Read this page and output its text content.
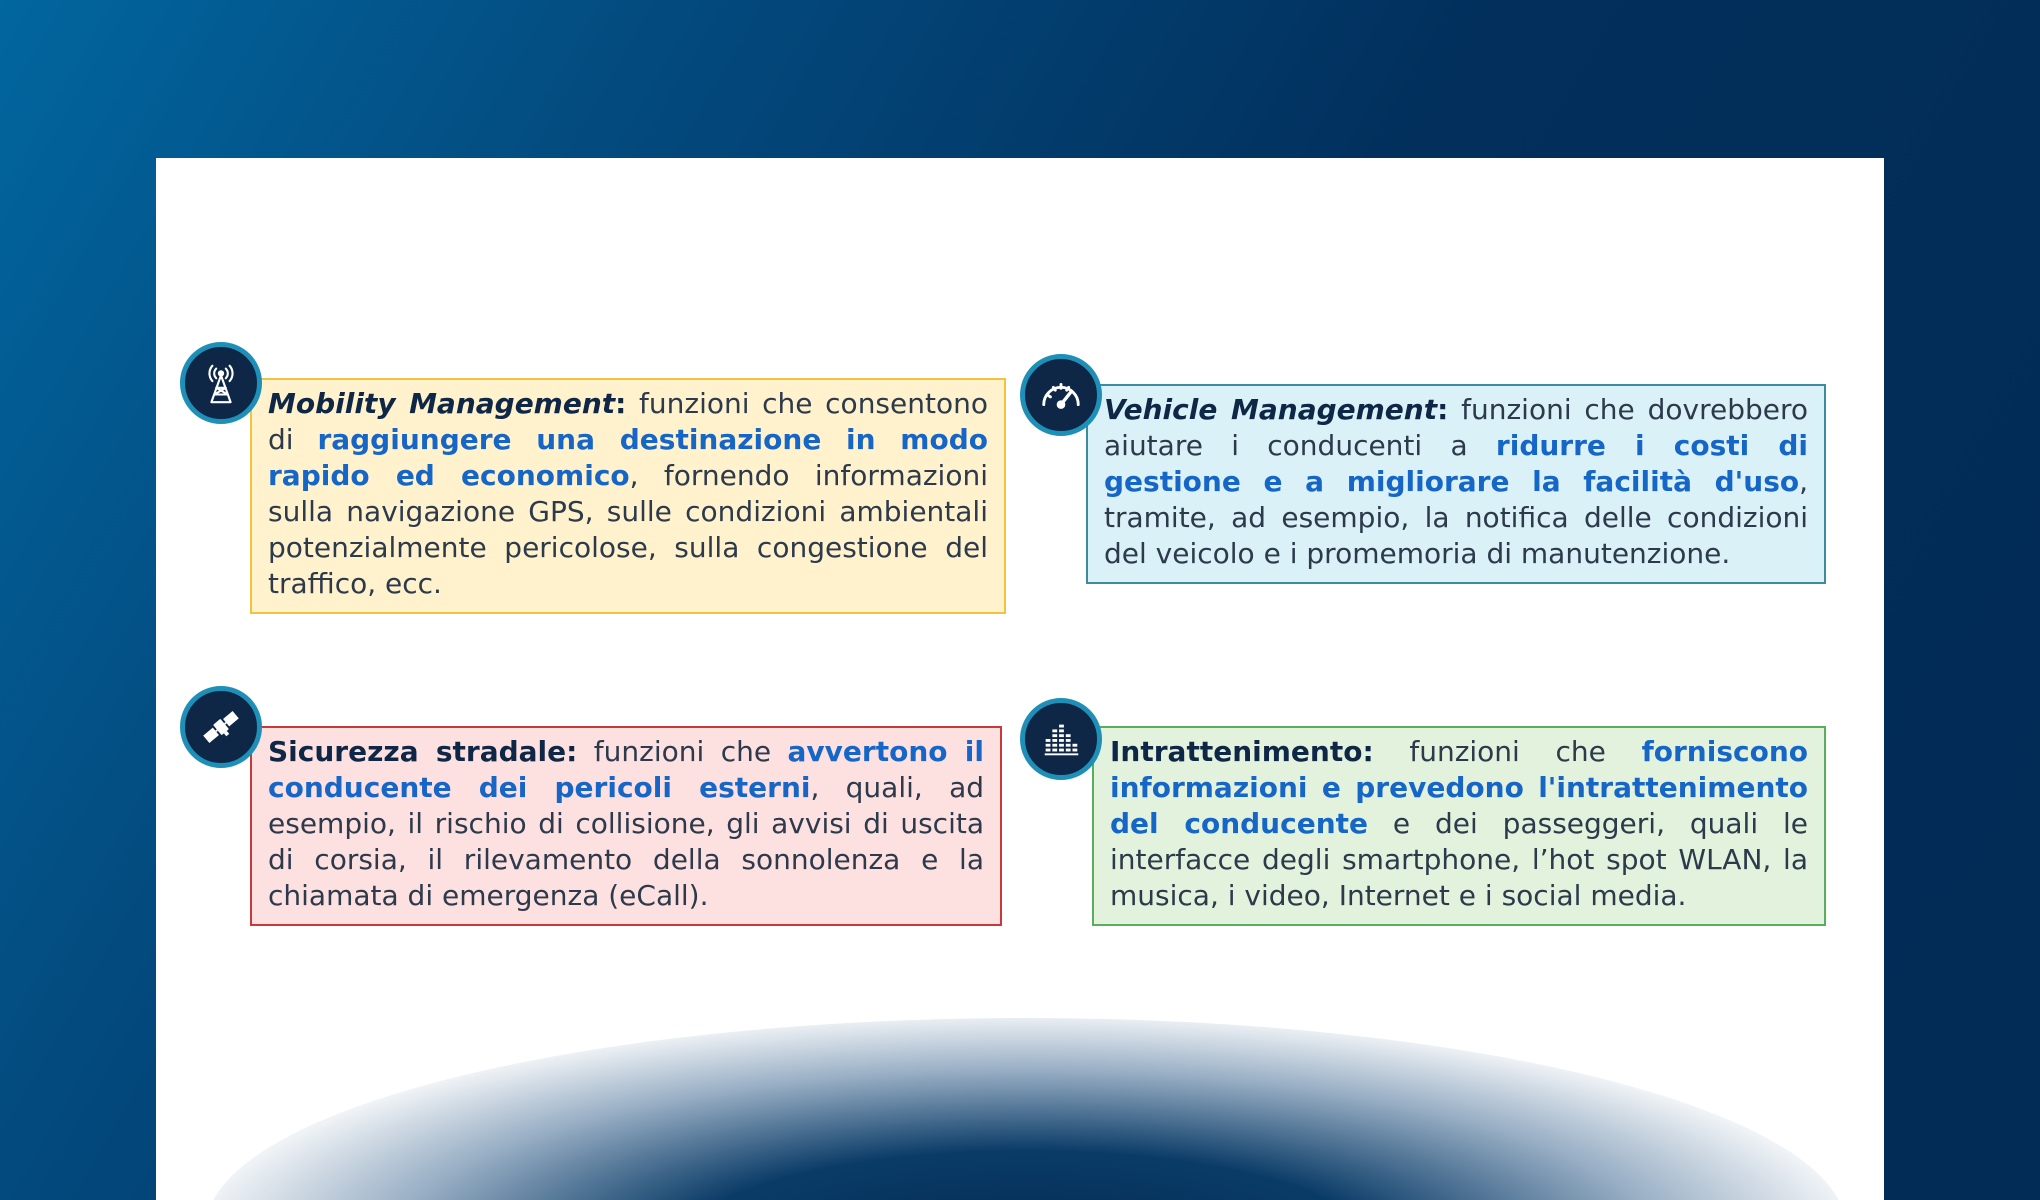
Mobility Management: funzioni che consentono di raggiungere una destinazione in modo rapido ed economico, fornendo informazioni sulla navigazione GPS, sulle condizioni ambientali potenzialmente pericolose, sulla congestione del traffico, ecc.
Vehicle Management: funzioni che dovrebbero aiutare i conducenti a ridurre i costi di gestione e a migliorare la facilità d'uso, tramite, ad esempio, la notifica delle condizioni del veicolo e i promemoria di manutenzione.
Sicurezza stradale: funzioni che avvertono il conducente dei pericoli esterni, quali, ad esempio, il rischio di collisione, gli avvisi di uscita di corsia, il rilevamento della sonnolenza e la chiamata di emergenza (eCall).
Intrattenimento: funzioni che forniscono informazioni e prevedono l'intrattenimento del conducente e dei passeggeri, quali le interfacce degli smartphone, l’hot spot WLAN, la musica, i video, Internet e i social media.
